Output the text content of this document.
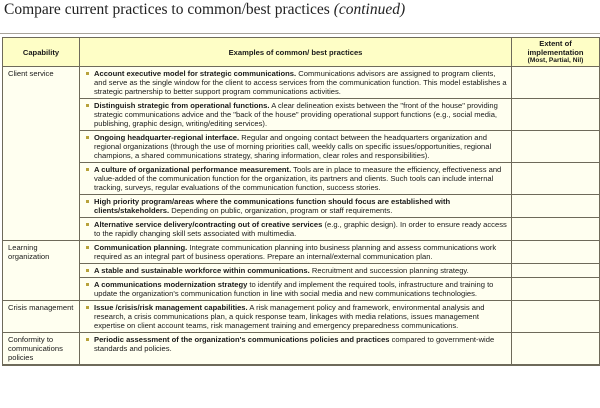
Compare current practices to common/best practices (continued)
Capability	Examples of common/ best practices	Extent of implementation
(Most, Partial, Nil)

Client service	Account executive model for strategic communications. Communications advisors are assigned to program clients, and serve as the single window for the client to access services from the communication function. This model establishes a strategic partnership to better support program communications activities.	

	Distinguish strategic from operational functions. A clear delineation exists between the "front of the house" providing strategic communications advice and the "back of the house" providing operational support functions (e.g., social media, publishing, graphic design, writing/editing services).	

	Ongoing headquarter-regional interface. Regular and ongoing contact between the headquarters organization and regional organizations (through the use of morning priorities call, weekly calls on specific issues/opportunities, regional champions, a shared communications strategy, sharing information, clear roles and responsibilities).	

	A culture of organizational performance measurement. Tools are in place to measure the efficiency, effectiveness and value-added of the communication function for the organization, its partners and clients. Such tools can include internal tracking, surveys, regular evaluations of the communication function, success stories.	

	High priority program/areas where the communications function should focus are established with clients/stakeholders. Depending on public, organization, program or staff requirements.	

	Alternative service delivery/contracting out of creative services (e.g., graphic design). In order to ensure ready access to the rapidly changing skill sets associated with multimedia.	

Learning organization	Communication planning. Integrate communication planning into business planning and assess communications work required as an integral part of business operations. Prepare an internal/external communication plan.	

	A stable and sustainable workforce within communications. Recruitment and succession planning strategy.	

	A communications modernization strategy to identify and implement the required tools, infrastructure and training to update the organization's communication function in line with social media and new communications technologies.	

Crisis management	Issue /crisis/risk management capabilities. A risk management policy and framework, environmental analysis and research, a crisis communications plan, a quick response team, linkages with media relations, issues management expertise on client account teams, risk management training and emergency preparedness communications.	

Conformity to communications policies	Periodic assessment of the organization's communications policies and practices compared to government-wide standards and policies.	
